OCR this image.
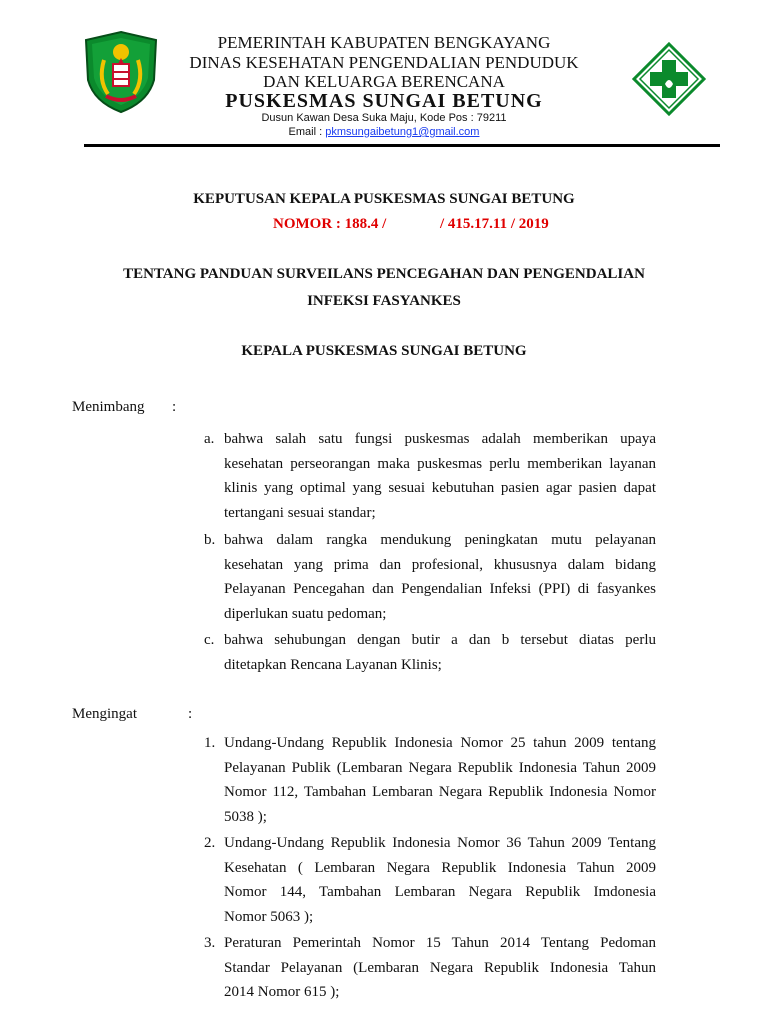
PEMERINTAH KABUPATEN BENGKAYANG
DINAS KESEHATAN PENGENDALIAN PENDUDUK
DAN KELUARGA BERENCANA
PUSKESMAS SUNGAI BETUNG
Dusun Kawan Desa Suka Maju, Kode Pos : 79211
Email : pkmsungaibetung1@gmail.com
KEPUTUSAN KEPALA PUSKESMAS SUNGAI BETUNG
NOMOR : 188.4 /	/ 415.17.11 / 2019
TENTANG PANDUAN SURVEILANS PENCEGAHAN DAN PENGENDALIAN
INFEKSI FASYANKES
KEPALA PUSKESMAS SUNGAI BETUNG
Menimbang :
a. bahwa salah satu fungsi puskesmas adalah memberikan upaya
kesehatan perseorangan maka puskesmas perlu memberikan layanan
klinis yang optimal yang sesuai kebutuhan pasien agar pasien dapat
tertangani sesuai standar;
b. bahwa dalam rangka mendukung peningkatan mutu pelayanan
kesehatan yang prima dan profesional, khususnya dalam bidang
Pelayanan Pencegahan dan Pengendalian Infeksi (PPI) di fasyankes
diperlukan suatu pedoman;
c. bahwa sehubungan dengan butir a dan b tersebut diatas perlu
ditetapkan Rencana Layanan Klinis;
Mengingat	:
1. Undang-Undang Republik Indonesia Nomor 25 tahun 2009 tentang
Pelayanan Publik (Lembaran Negara Republik Indonesia Tahun 2009
Nomor 112, Tambahan Lembaran Negara Republik Indonesia Nomor
5038 );
2. Undang-Undang Republik Indonesia Nomor 36 Tahun 2009 Tentang
Kesehatan ( Lembaran Negara Republik Indonesia Tahun 2009
Nomor 144, Tambahan Lembaran Negara Republik Imdonesia
Nomor 5063 );
3. Peraturan Pemerintah Nomor 15 Tahun 2014 Tentang Pedoman
Standar Pelayanan (Lembaran Negara Republik Indonesia Tahun
2014 Nomor 615 );
